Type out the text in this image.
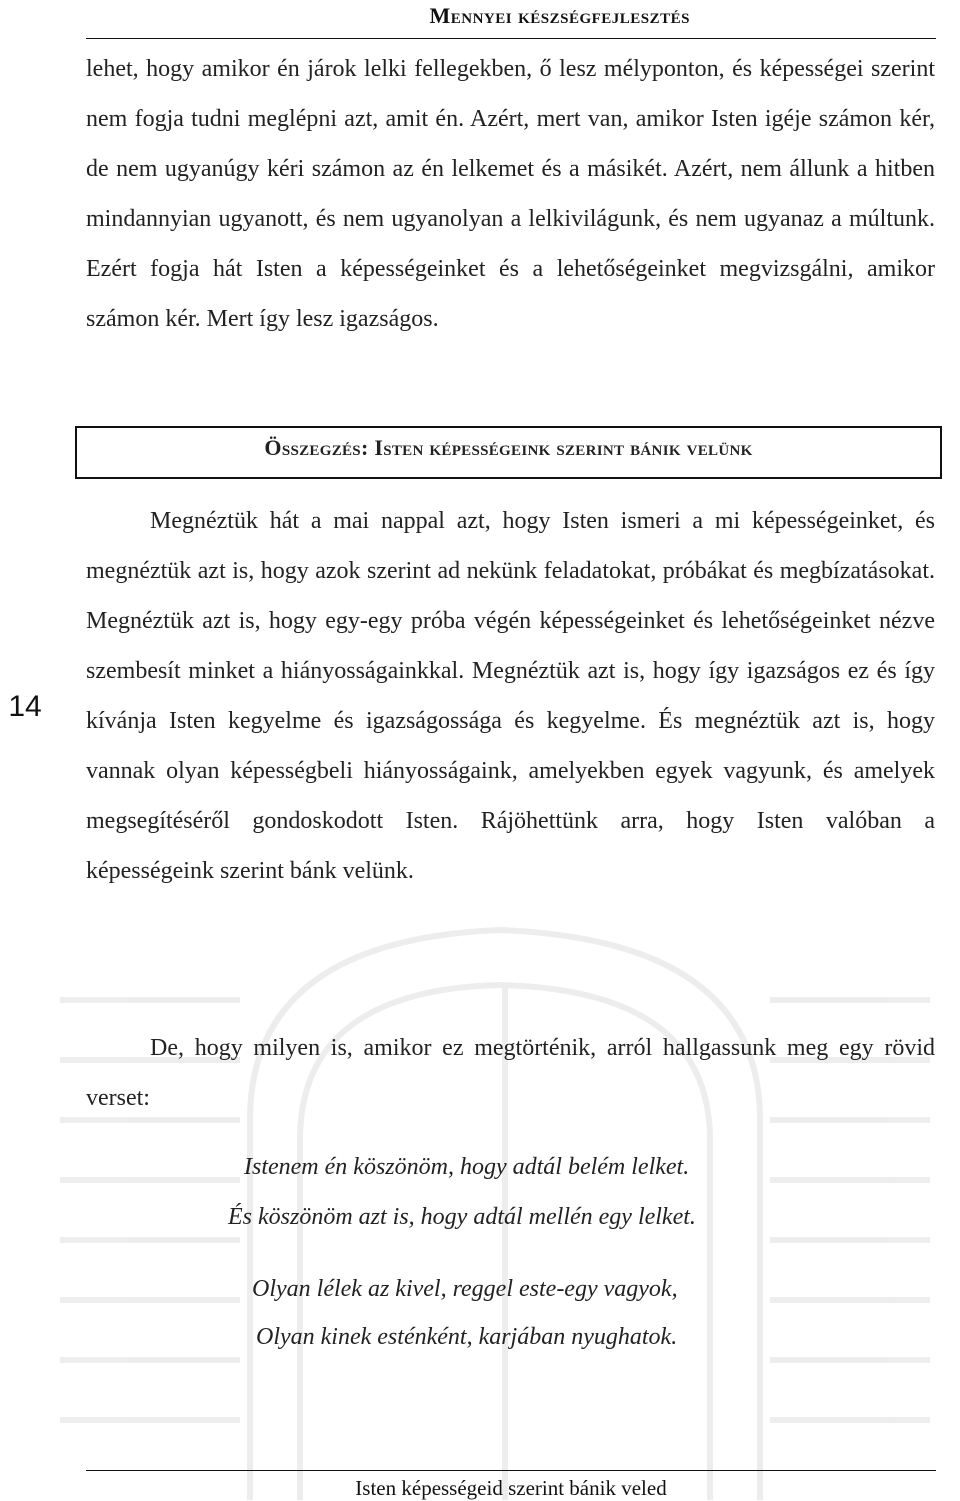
Mennyei készségfejlesztés

lehet, hogy amikor én járok lelki fellegekben, ő lesz mélyponton, és képességei szerint nem fogja tudni meglépni azt, amit én. Azért, mert van, amikor Isten igéje számon kér, de nem ugyanúgy kéri számon az én lelkemet és a másikét. Azért, nem állunk a hitben mindannyian ugyanott, és nem ugyanolyan a lelkivilágunk, és nem ugyanaz a múltunk. Ezért fogja hát Isten a képességeinket és a lehetőségeinket megvizsgálni, amikor számon kér. Mert így lesz igazságos.

Összegzés: Isten képességeink szerint bánik velünk

Megnéztük hát a mai nappal azt, hogy Isten ismeri a mi képességeinket, és megnéztük azt is, hogy azok szerint ad nekünk feladatokat, próbákat és megbízatásokat. Megnéztük azt is, hogy egy-egy próba végén képességeinket és lehetőségeinket nézve szembesít minket a hiányosságainkkal. Megnéztük azt is, hogy így igazságos ez és így kívánja Isten kegyelme és igazságossága és kegyelme. És megnéztük azt is, hogy vannak olyan képességbeli hiányosságaink, amelyekben egyek vagyunk, és amelyek megsegítéséről gondoskodott Isten. Rájöhettünk arra, hogy Isten valóban a képességeink szerint bánk velünk.

14

De, hogy milyen is, amikor ez megtörténik, arról hallgassunk meg egy rövid verset:

Istenem én köszönöm, hogy adtál belém lelket.
És köszönöm azt is, hogy adtál mellén egy lelket.
Olyan lélek az kivel, reggel este-egy vagyok,
Olyan kinek esténként, karjában nyughatok.
Isten képességeid szerint bánik veled
